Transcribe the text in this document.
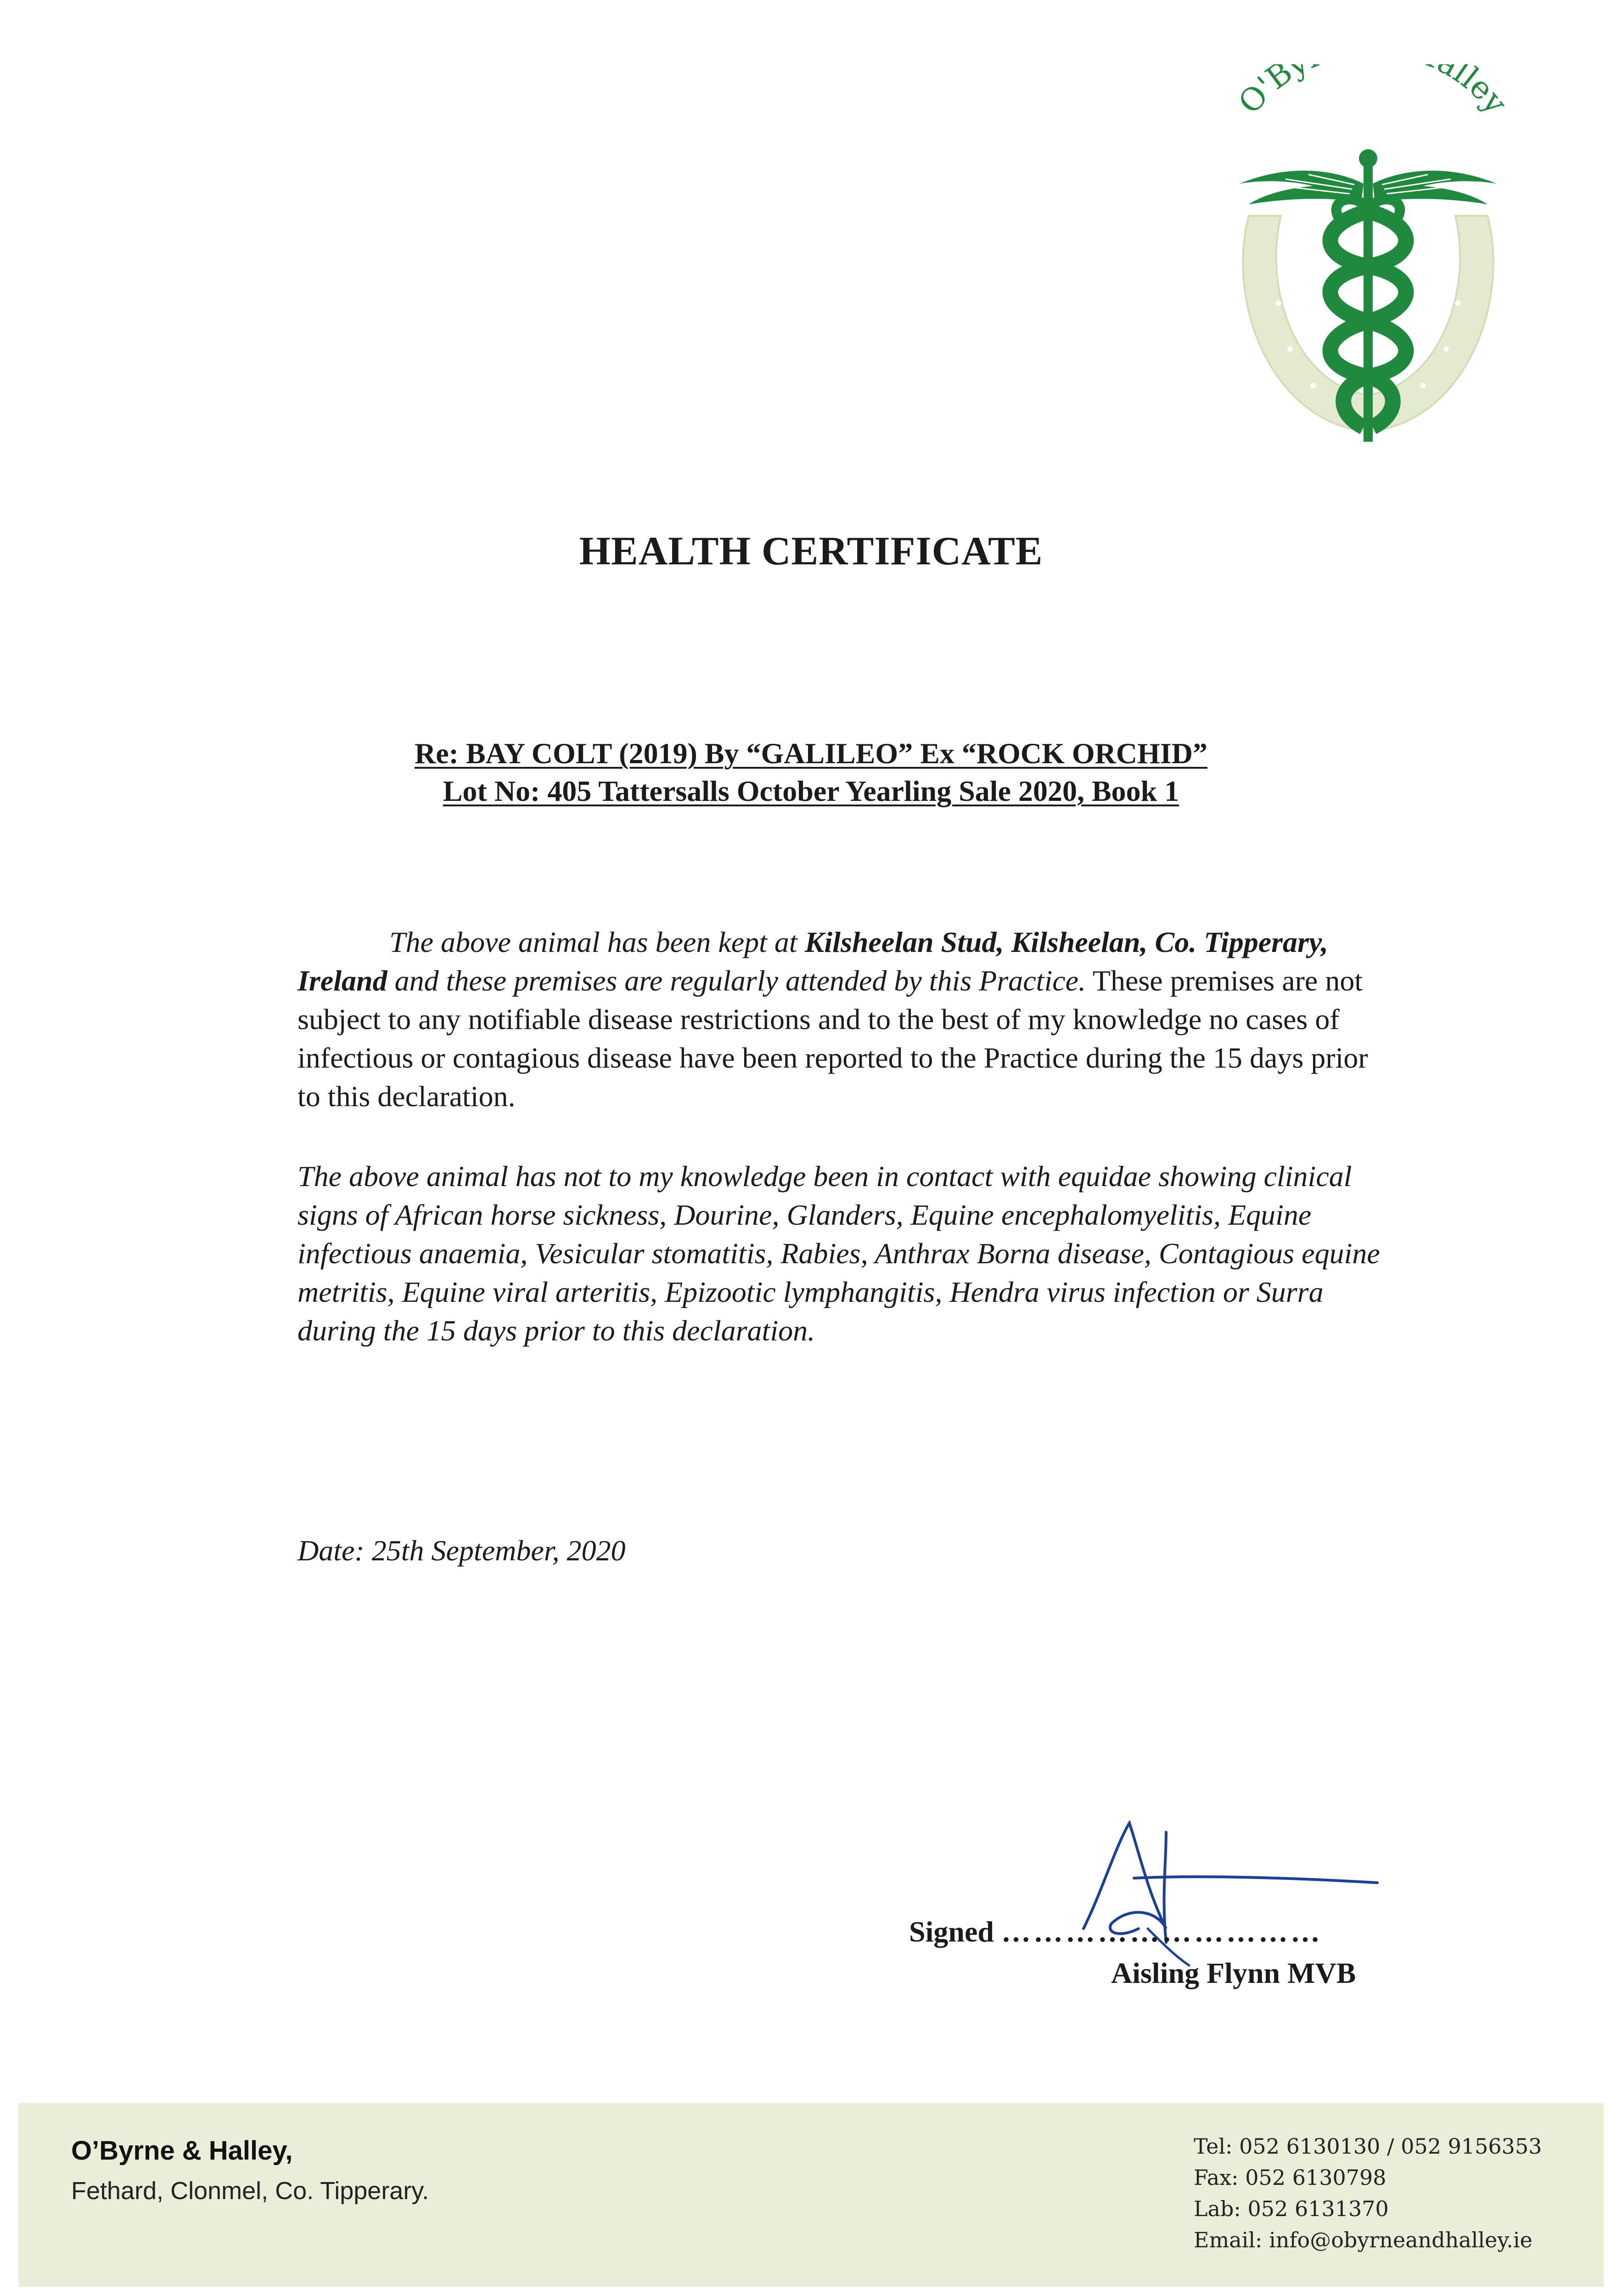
O'B lley
HEALTH CERTIFICATE
Re: BAY COLT (2019) By “GALILEO” Ex “ROCK ORCHID”
Lot No: 405 Tattersalls October Yearling Sale 2020, Book 1
The above animal has been kept at Kilsheelan Stud, Kilsheelan, Co. Tipperary, Ireland and these premises are regularly attended by this Practice. These premises are not subject to any notifiable disease restrictions and to the best of my knowledge no cases of infectious or contagious disease have been reported to the Practice during the 15 days prior to this declaration.
The above animal has not to my knowledge been in contact with equidae showing clinical signs of African horse sickness, Dourine, Glanders, Equine encephalomyelitis, Equine infectious anaemia, Vesicular stomatitis, Rabies, Anthrax Borna disease, Contagious equine metritis, Equine viral arteritis, Epizootic lymphangitis, Hendra virus infection or Surra during the 15 days prior to this declaration.
Date: 25th September, 2020
Signed …………………………
Aisling Flynn MVB
O’Byrne & Halley,
Fethard, Clonmel, Co. Tipperary.
Tel: 052 6130130 / 052 9156353
Fax: 052 6130798
Lab: 052 6131370
Email: info@obyrneandhalley.ie
